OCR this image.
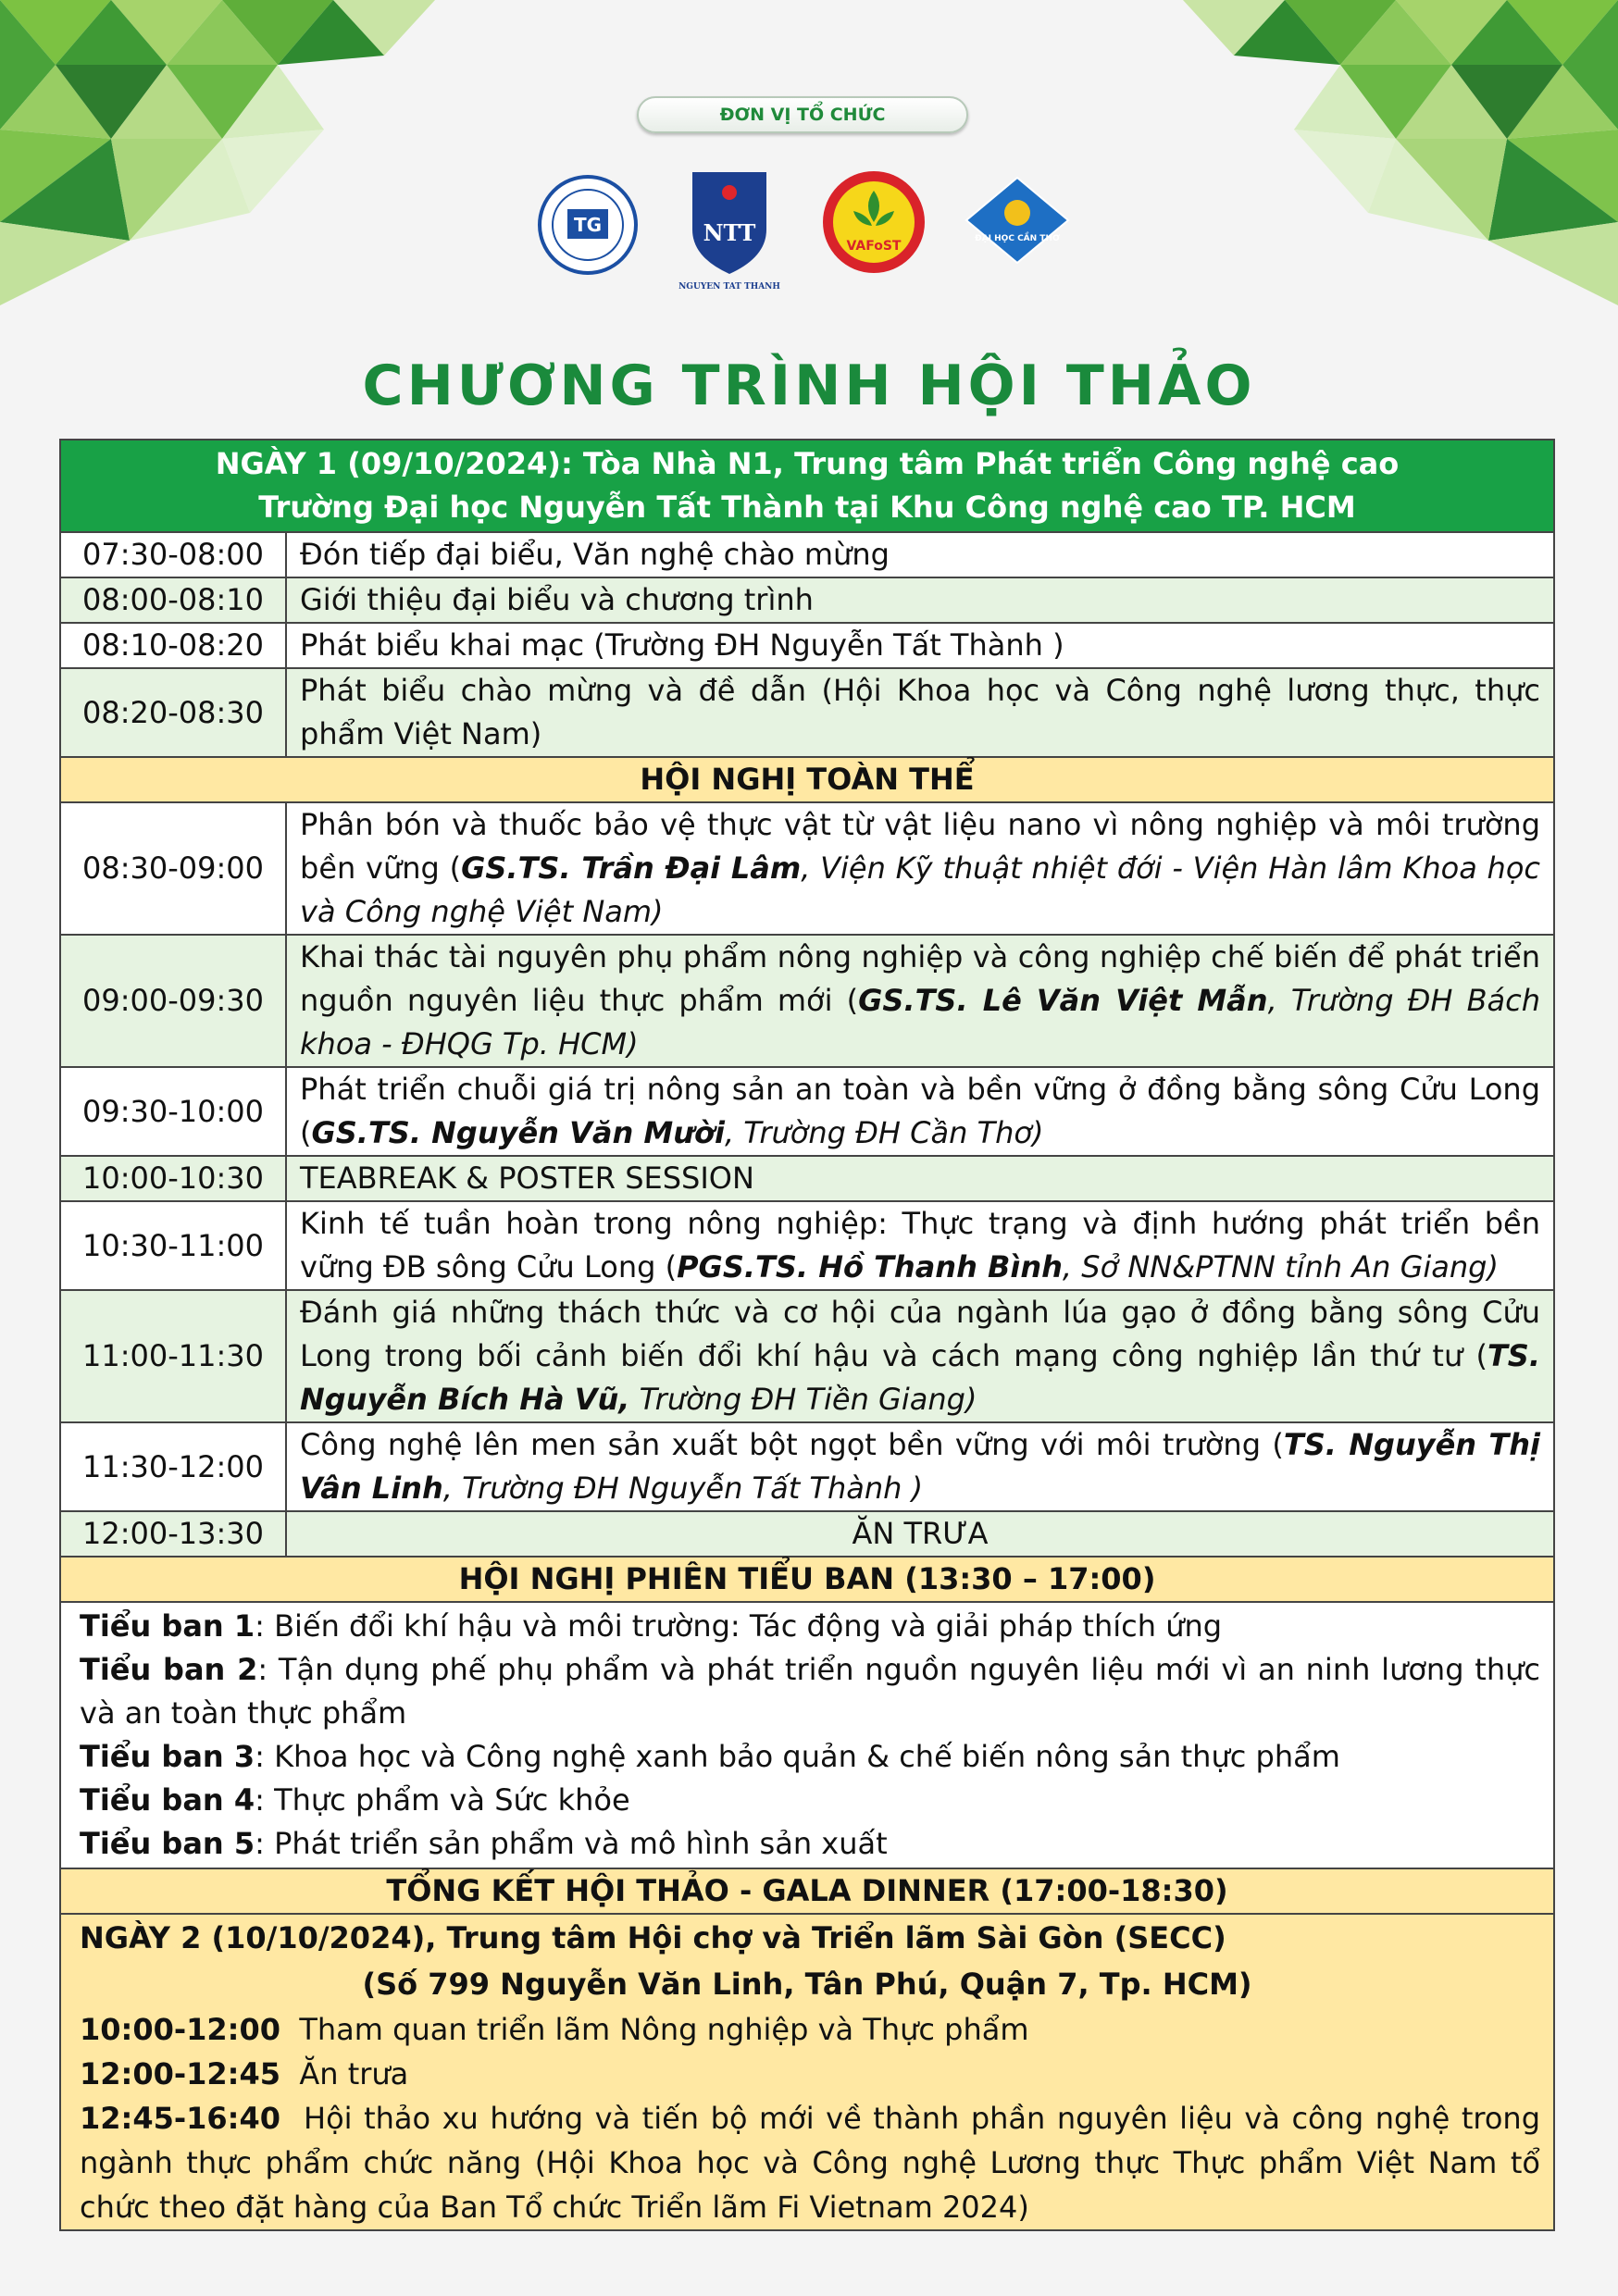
ĐƠN VỊ TỔ CHỨC
TG	NTT
NGUYEN TAT THANH
VAFoST	ĐẠI HỌC CẦN THƠ
CHƯƠNG TRÌNH HỘI THẢO
NGÀY 1 (09/10/2024): Tòa Nhà N1, Trung tâm Phát triển Công nghệ cao
Trường Đại học Nguyễn Tất Thành tại Khu Công nghệ cao TP. HCM	

07:30-08:00	Đón tiếp đại biểu, Văn nghệ chào mừng
08:00-08:10	Giới thiệu đại biểu và chương trình
08:10-08:20	Phát biểu khai mạc (Trường ĐH Nguyễn Tất Thành )
08:20-08:30	Phát biểu chào mừng và đề dẫn (Hội Khoa học và Công nghệ lương thực, thực phẩm Việt Nam)
HỘI NGHỊ TOÀN THỂ	
08:30-09:00	Phân bón và thuốc bảo vệ thực vật từ vật liệu nano vì nông nghiệp và môi trường bền vững (GS.TS. Trần Đại Lâm, Viện Kỹ thuật nhiệt đới - Viện Hàn lâm Khoa học và Công nghệ Việt Nam)
09:00-09:30	Khai thác tài nguyên phụ phẩm nông nghiệp và công nghiệp chế biến để phát triển nguồn nguyên liệu thực phẩm mới (GS.TS. Lê Văn Việt Mẫn, Trường ĐH Bách khoa - ĐHQG Tp. HCM)
09:30-10:00	Phát triển chuỗi giá trị nông sản an toàn và bền vững ở đồng bằng sông Cửu Long (GS.TS. Nguyễn Văn Mười, Trường ĐH Cần Thơ)
10:00-10:30	TEABREAK & POSTER SESSION
10:30-11:00	Kinh tế tuần hoàn trong nông nghiệp: Thực trạng và định hướng phát triển bền vững ĐB sông Cửu Long (PGS.TS. Hồ Thanh Bình, Sở NN&PTNN tỉnh An Giang)
11:00-11:30	Đánh giá những thách thức và cơ hội của ngành lúa gạo ở đồng bằng sông Cửu Long trong bối cảnh biến đổi khí hậu và cách mạng công nghiệp lần thứ tư (TS. Nguyễn Bích Hà Vũ, Trường ĐH Tiền Giang)
11:30-12:00	Công nghệ lên men sản xuất bột ngọt bền vững với môi trường (TS. Nguyễn Thị Vân Linh, Trường ĐH Nguyễn Tất Thành )
12:00-13:30	ĂN TRƯA
HỘI NGHỊ PHIÊN TIỂU BAN (13:30 – 17:00)	

Tiểu ban 1: Biến đổi khí hậu và môi trường: Tác động và giải pháp thích ứng
Tiểu ban 2: Tận dụng phế phụ phẩm và phát triển nguồn nguyên liệu mới vì an ninh lương thực và an toàn thực phẩm
Tiểu ban 3: Khoa học và Công nghệ xanh bảo quản & chế biến nông sản thực phẩm
Tiểu ban 4: Thực phẩm và Sức khỏe
Tiểu ban 5: Phát triển sản phẩm và mô hình sản xuất	

TỔNG KẾT HỘI THẢO - GALA DINNER (17:00-18:30)	

NGÀY 2 (10/10/2024), Trung tâm Hội chợ và Triển lãm Sài Gòn (SECC)
(Số 799 Nguyễn Văn Linh, Tân Phú, Quận 7, Tp. HCM)
10:00-12:00  Tham quan triển lãm Nông nghiệp và Thực phẩm
12:00-12:45  Ăn trưa
12:45-16:40  Hội thảo xu hướng và tiến bộ mới về thành phần nguyên liệu và công nghệ trong ngành thực phẩm chức năng (Hội Khoa học và Công nghệ Lương thực Thực phẩm Việt Nam tổ chức theo đặt hàng của Ban Tổ chức Triển lãm Fi Vietnam 2024)	
